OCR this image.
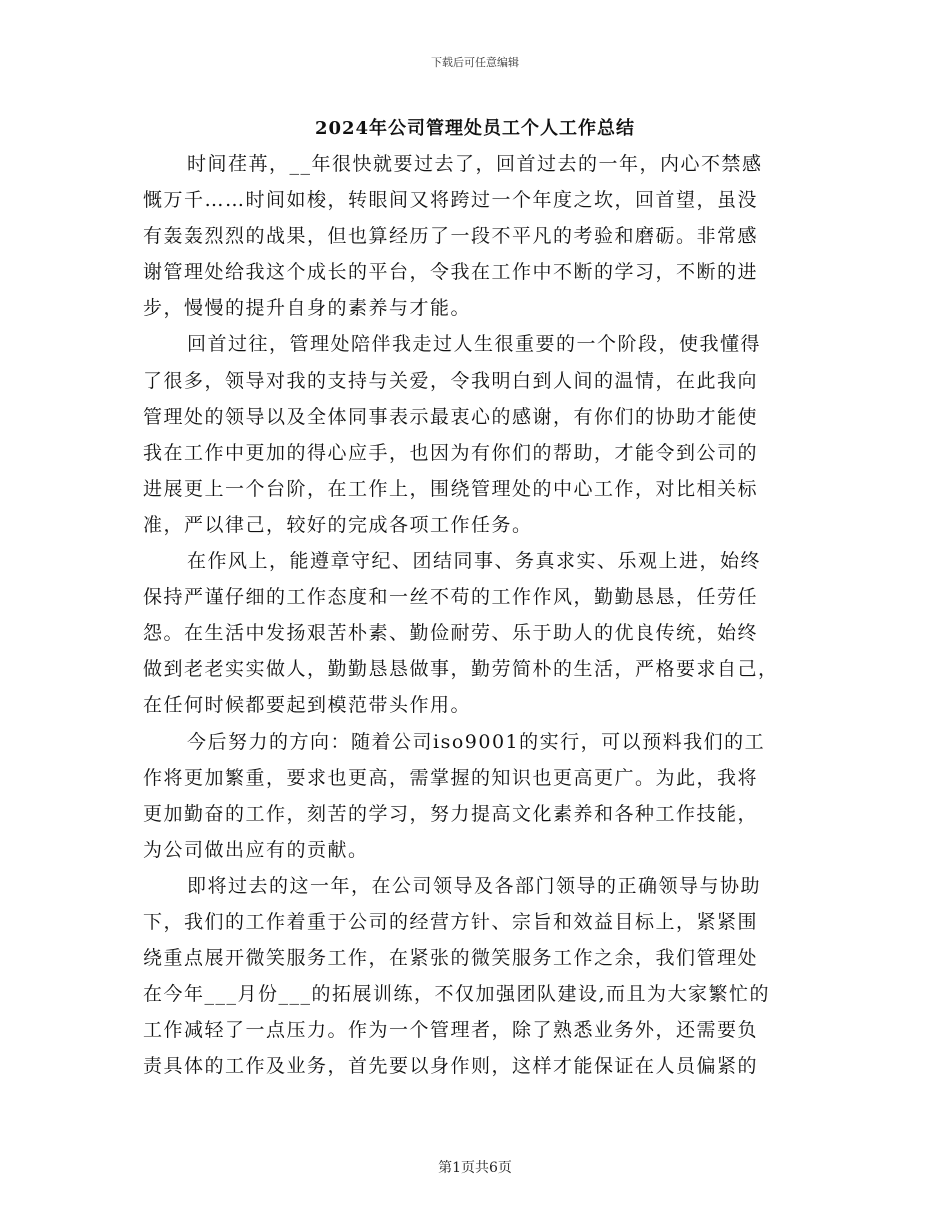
下载后可任意编辑
2024年公司管理处员工个人工作总结
时间荏苒，__年很快就要过去了，回首过去的一年，内心不禁感
慨万千……时间如梭，转眼间又将跨过一个年度之坎，回首望，虽没
有轰轰烈烈的战果，但也算经历了一段不平凡的考验和磨砺。非常感
谢管理处给我这个成长的平台，令我在工作中不断的学习，不断的进
步，慢慢的提升自身的素养与才能。
回首过往，管理处陪伴我走过人生很重要的一个阶段，使我懂得
了很多，领导对我的支持与关爱，令我明白到人间的温情，在此我向
管理处的领导以及全体同事表示最衷心的感谢，有你们的协助才能使
我在工作中更加的得心应手，也因为有你们的帮助，才能令到公司的
进展更上一个台阶，在工作上，围绕管理处的中心工作，对比相关标
准，严以律己，较好的完成各项工作任务。
在作风上，能遵章守纪、团结同事、务真求实、乐观上进，始终
保持严谨仔细的工作态度和一丝不苟的工作作风，勤勤恳恳，任劳任
怨。在生活中发扬艰苦朴素、勤俭耐劳、乐于助人的优良传统，始终
做到老老实实做人，勤勤恳恳做事，勤劳简朴的生活，严格要求自己，
在任何时候都要起到模范带头作用。
今后努力的方向：随着公司iso9001的实行，可以预料我们的工
作将更加繁重，要求也更高，需掌握的知识也更高更广。为此，我将
更加勤奋的工作，刻苦的学习，努力提高文化素养和各种工作技能，
为公司做出应有的贡献。
即将过去的这一年，在公司领导及各部门领导的正确领导与协助
下，我们的工作着重于公司的经营方针、宗旨和效益目标上，紧紧围
绕重点展开微笑服务工作，在紧张的微笑服务工作之余，我们管理处
在今年___月份___的拓展训练，不仅加强团队建设,而且为大家繁忙的
工作减轻了一点压力。作为一个管理者，除了熟悉业务外，还需要负
责具体的工作及业务，首先要以身作则，这样才能保证在人员偏紧的
第1页共6页
